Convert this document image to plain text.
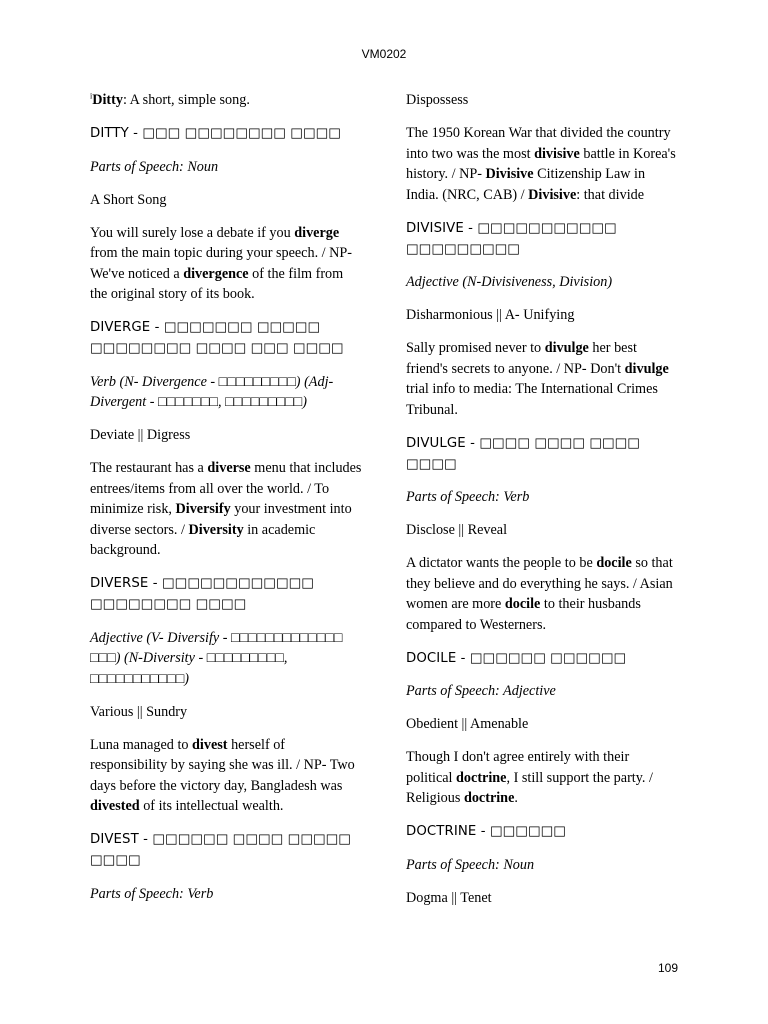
VM0202

$^i$Ditty: A short, simple song.

DITTY - □□□ □□□□□□□□ □□□□

Parts of Speech: Noun

A Short Song

You will surely lose a debate if you diverge from the main topic during your speech. / NP- We've noticed a divergence of the film from the original story of its book.

DIVERGE - □□□□□□□ □□□□□ □□□□□□□□ □□□□ □□□ □□□□

Verb (N- Divergence - □□□□□□□□□) (Adj- Divergent - □□□□□□□, □□□□□□□□□)

Deviate || Digress

The restaurant has a diverse menu that includes entrees/items from all over the world. / To minimize risk, Diversify your investment into diverse sectors. / Diversity in academic background.

DIVERSE - □□□□□□□□□□□□ □□□□□□□□ □□□□

Adjective (V- Diversify - □□□□□□□□□□□□□ □□□) (N-Diversity - □□□□□□□□□, □□□□□□□□□□□)

Various || Sundry

Luna managed to divest herself of responsibility by saying she was ill. / NP- Two days before the victory day, Bangladesh was divested of its intellectual wealth.

DIVEST - □□□□□□ □□□□ □□□□□ □□□□

Parts of Speech: Verb

Dispossess

The 1950 Korean War that divided the country into two was the most divisive battle in Korea's history. / NP- Divisive Citizenship Law in India. (NRC, CAB) / Divisive: that divide

DIVISIVE - □□□□□□□□□□□ □□□□□□□□□

Adjective (N-Divisiveness, Division)

Disharmonious || A- Unifying

Sally promised never to divulge her best friend's secrets to anyone. / NP- Don't divulge trial info to media: The International Crimes Tribunal.

DIVULGE - □□□□ □□□□ □□□□ □□□□

Parts of Speech: Verb

Disclose || Reveal

A dictator wants the people to be docile so that they believe and do everything he says. / Asian women are more docile to their husbands compared to Westerners.

DOCILE - □□□□□□ □□□□□□

Parts of Speech: Adjective

Obedient || Amenable

Though I don't agree entirely with their political doctrine, I still support the party. / Religious doctrine.

DOCTRINE - □□□□□□

Parts of Speech: Noun

Dogma || Tenet

109
